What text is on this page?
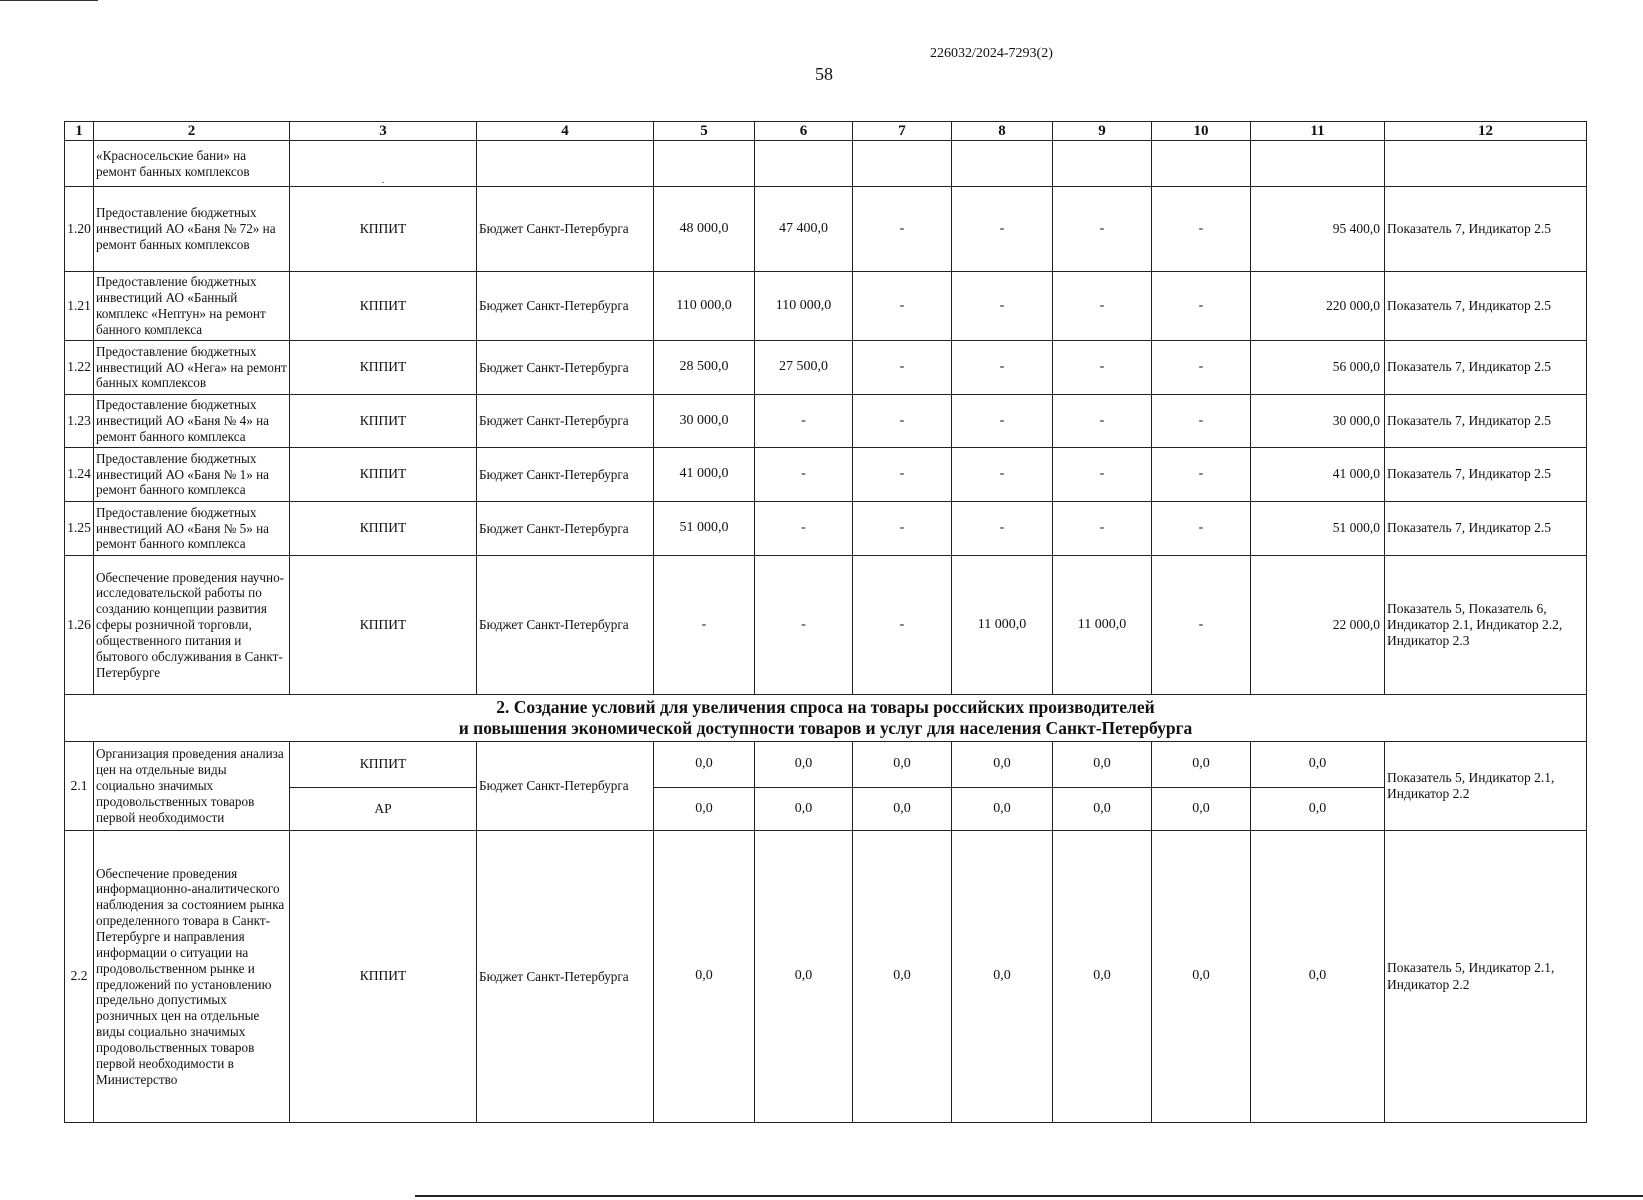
226032/2024-7293(2)
58
1	2	3	4	5	6	7	8	9	10	11	12
	«Красносельские бани» на ремонт банных комплексов	.									
1.20	Предоставление бюджетных инвестиций АО «Баня № 72» на ремонт банных комплексов	КППИТ	Бюджет Санкт-Петербурга	48 000,0	47 400,0	-	-	-	-	95 400,0	Показатель 7, Индикатор 2.5
1.21	Предоставление бюджетных инвестиций АО «Банный комплекс «Нептун» на ремонт банного комплекса	КППИТ	Бюджет Санкт-Петербурга	110 000,0	110 000,0	-	-	-	-	220 000,0	Показатель 7, Индикатор 2.5
1.22	Предоставление бюджетных инвестиций АО «Нега» на ремонт банных комплексов	КППИТ	Бюджет Санкт-Петербурга	28 500,0	27 500,0	-	-	-	-	56 000,0	Показатель 7, Индикатор 2.5
1.23	Предоставление бюджетных инвестиций АО «Баня № 4» на ремонт банного комплекса	КППИТ	Бюджет Санкт-Петербурга	30 000,0	-	-	-	-	-	30 000,0	Показатель 7, Индикатор 2.5
1.24	Предоставление бюджетных инвестиций АО «Баня № 1» на ремонт банного комплекса	КППИТ	Бюджет Санкт-Петербурга	41 000,0	-	-	-	-	-	41 000,0	Показатель 7, Индикатор 2.5
1.25	Предоставление бюджетных инвестиций АО «Баня № 5» на ремонт банного комплекса	КППИТ	Бюджет Санкт-Петербурга	51 000,0	-	-	-	-	-	51 000,0	Показатель 7, Индикатор 2.5
1.26	Обеспечение проведения научно-исследовательской работы по созданию концепции развития сферы розничной торговли, общественного питания и бытового обслуживания в Санкт-Петербурге	КППИТ	Бюджет Санкт-Петербурга	-	-	-	11 000,0	11 000,0	-	22 000,0	Показатель 5, Показатель 6, Индикатор 2.1, Индикатор 2.2, Индикатор 2.3

2. Создание условий для увеличения спроса на товары российских производителей
и повышения экономической доступности товаров и услуг для населения Санкт-Петербурга											

2.1	Организация проведения анализа цен на отдельные виды социально значимых продовольственных товаров первой необходимости	КППИТ	Бюджет Санкт-Петербурга	0,0	0,0	0,0	0,0	0,0	0,0	0,0	Показатель 5, Индикатор 2.1, Индикатор 2.2
		АР		0,0	0,0	0,0	0,0	0,0	0,0	0,0	
2.2	Обеспечение проведения информационно-аналитического наблюдения за состоянием рынка определенного товара в Санкт-Петербурге и направления информации о ситуации на продовольственном рынке и предложений по установлению предельно допустимых розничных цен на отдельные виды социально значимых продовольственных товаров первой необходимости в Министерство	КППИТ	Бюджет Санкт-Петербурга	0,0	0,0	0,0	0,0	0,0	0,0	0,0	Показатель 5, Индикатор 2.1, Индикатор 2.2
